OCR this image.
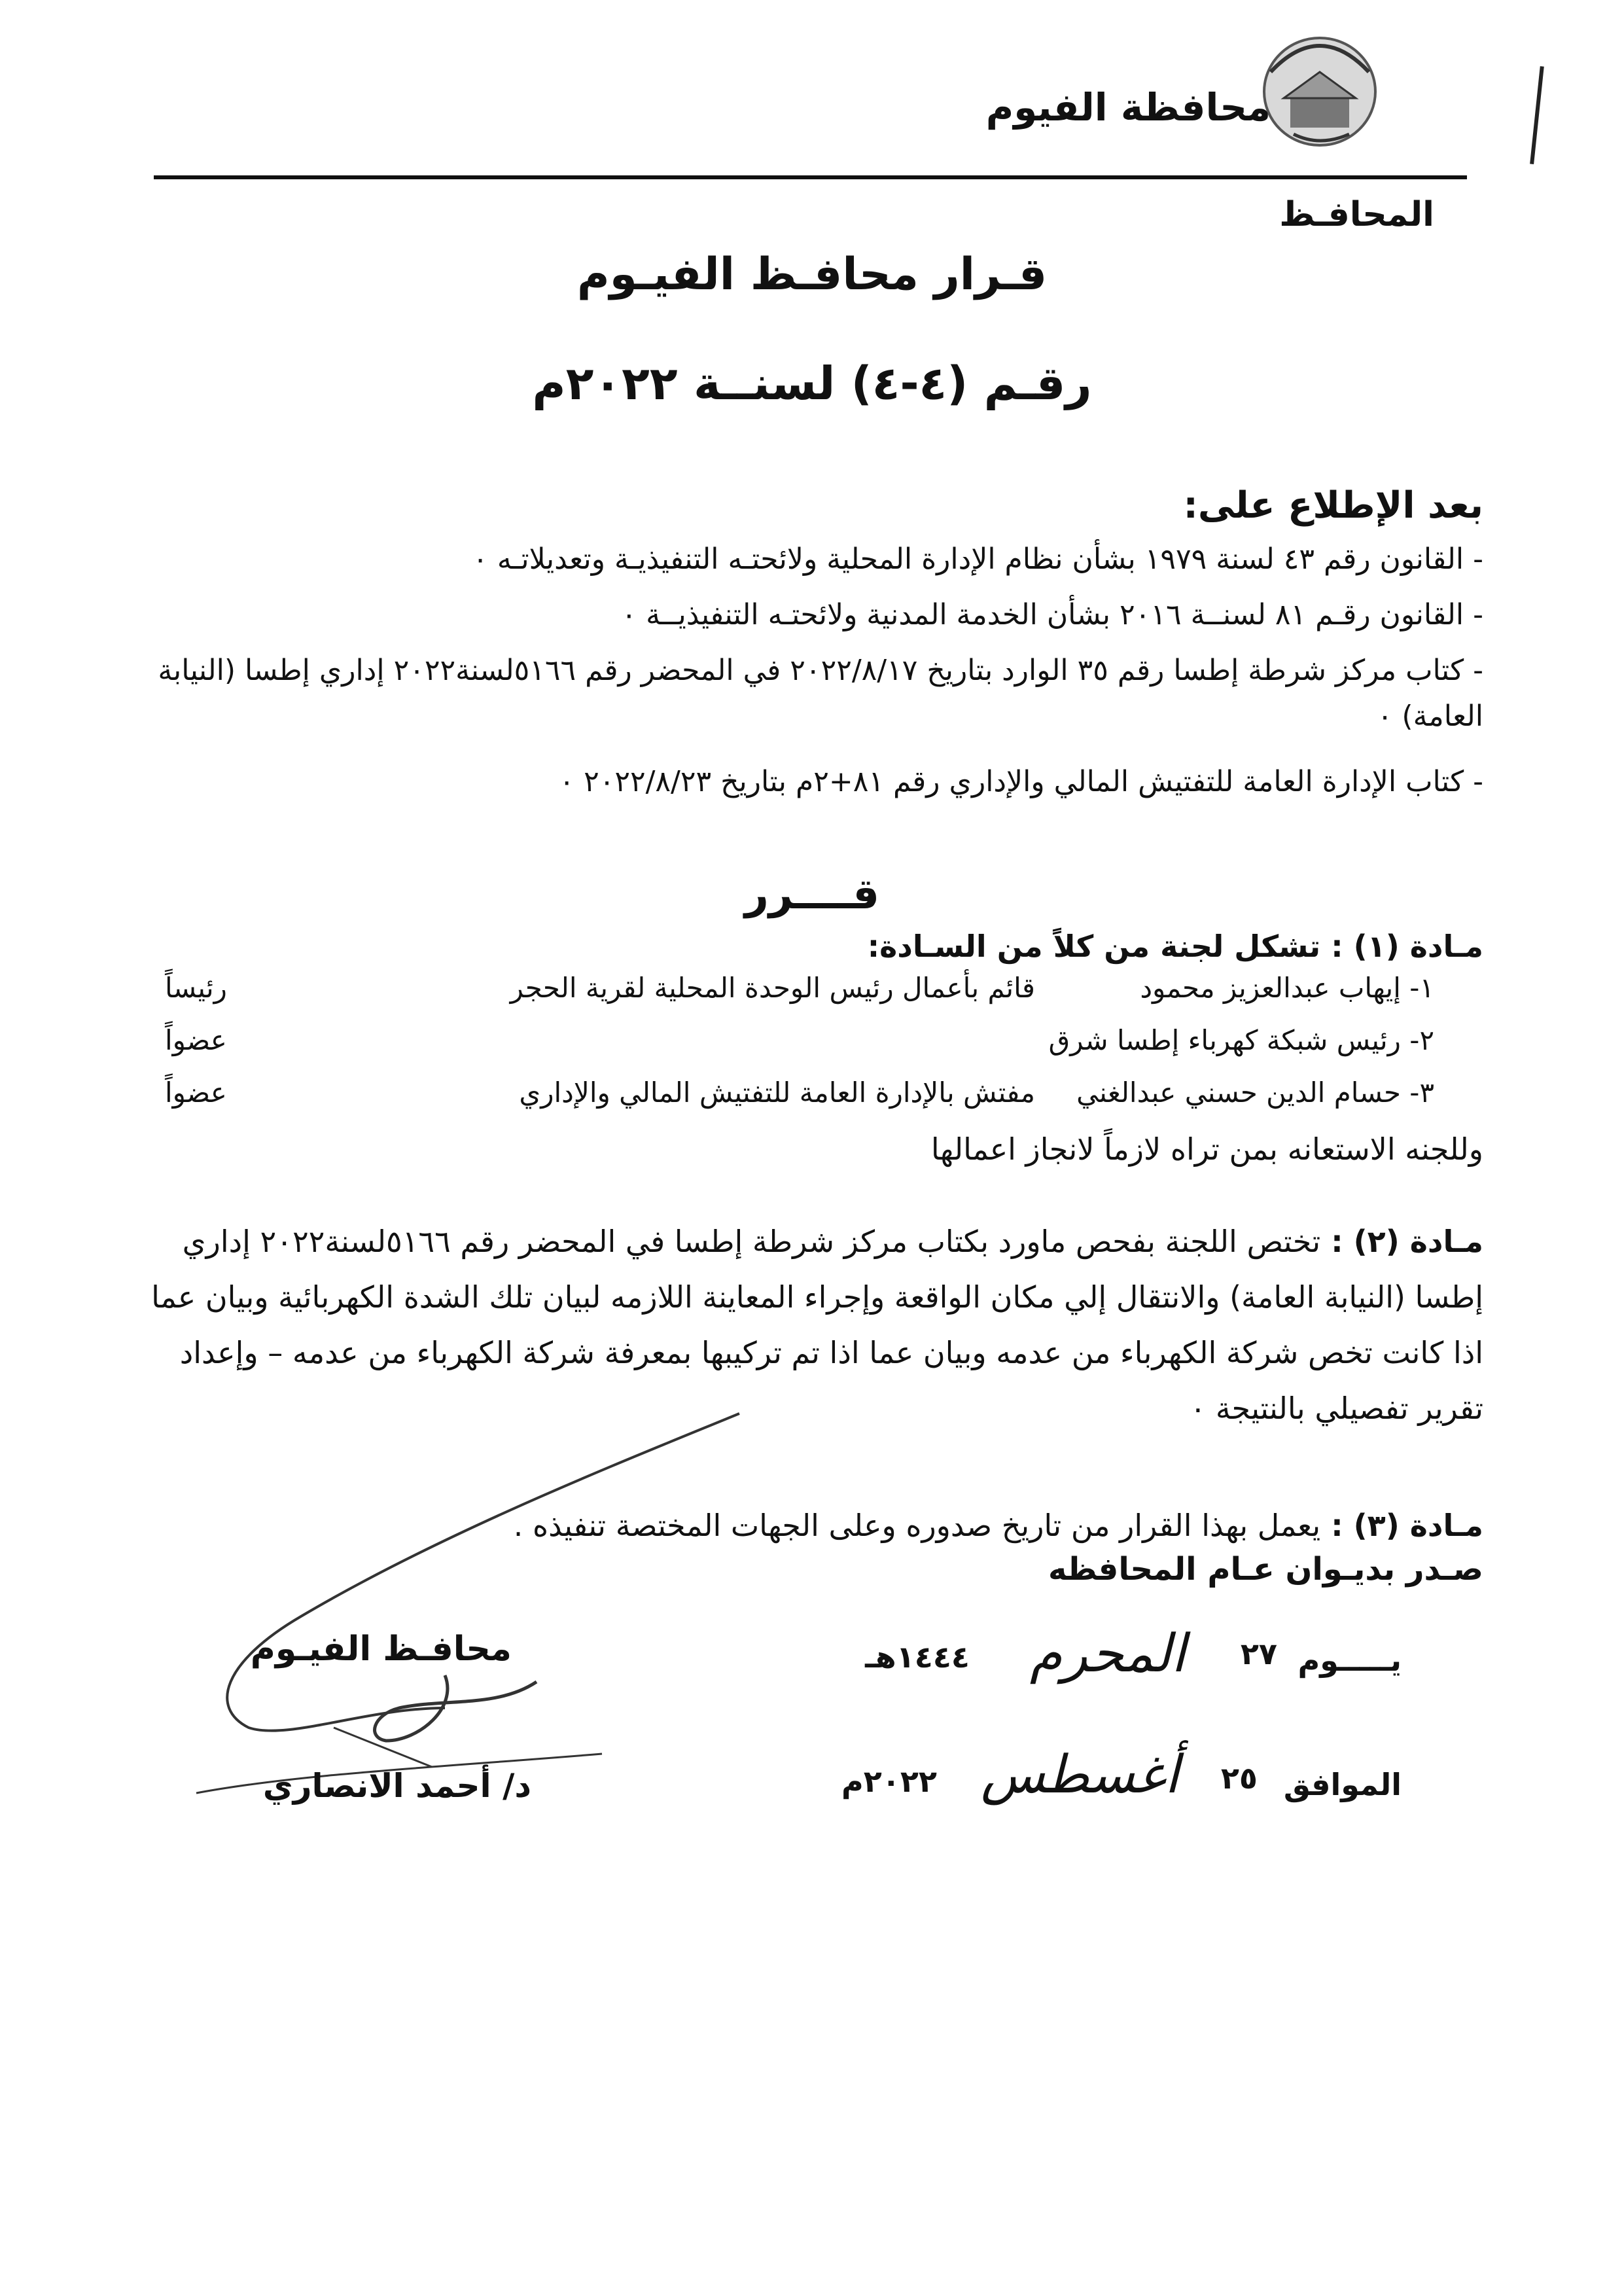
محافظة الفيوم
المحافـظ
قـرار محافـظ الفيـوم
رقـم (٤-٤) لسنــة ٢٠٢٢م
بعد الإطلاع على:
- القانون رقم ٤٣ لسنة ١٩٧٩ بشأن نظام الإدارة المحلية ولائحتـه التنفيذيـة وتعديلاتـه ٠
- القانون رقـم ٨١ لسنــة ٢٠١٦ بشأن الخدمة المدنية ولائحتـه التنفيذيــة ٠
- كتاب مركز شرطة إطسا رقم ٣٥ الوارد بتاريخ ٢٠٢٢/٨/١٧ في المحضر رقم ٥١٦٦لسنة٢٠٢٢ إداري إطسا (النيابة العامة) ٠
- كتاب الإدارة العامة للتفتيش المالي والإداري رقم ٨١+٢م بتاريخ ٢٠٢٢/٨/٢٣ ٠
قــــرر
مـادة (١) : تشكل لجنة من كلاً من السـادة:
١- إيهاب عبدالعزيز محمود
قائم بأعمال رئيس الوحدة المحلية لقرية الحجر
رئيساً
٢- رئيس شبكة كهرباء إطسا شرق
عضواً
٣- حسام الدين حسني عبدالغني
مفتش بالإدارة العامة للتفتيش المالي والإداري
عضواً
وللجنه الاستعانه بمن تراه لازماً لانجاز اعمالها
مـادة (٢) : تختص اللجنة بفحص ماورد بكتاب مركز شرطة إطسا في المحضر رقم ٥١٦٦لسنة٢٠٢٢ إداري إطسا (النيابة العامة) والانتقال إلي مكان الواقعة وإجراء المعاينة اللازمه لبيان تلك الشدة الكهربائية وبيان عما اذا كانت تخص شركة الكهرباء من عدمه وبيان عما اذا تم تركيبها بمعرفة شركة الكهرباء من عدمه – وإعداد تقرير تفصيلي بالنتيجة ٠
مـادة (٣) : يعمل بهذا القرار من تاريخ صدوره وعلى الجهات المختصة تنفيذه .
صـدر بديـوان عـام المحافظه
يـــــوم
٢٧
المحرم
١٤٤٤هـ
الموافق
٢٥
أغسطس
٢٠٢٢م
محافـظ الفيـوم
د/ أحمد الانصاري
